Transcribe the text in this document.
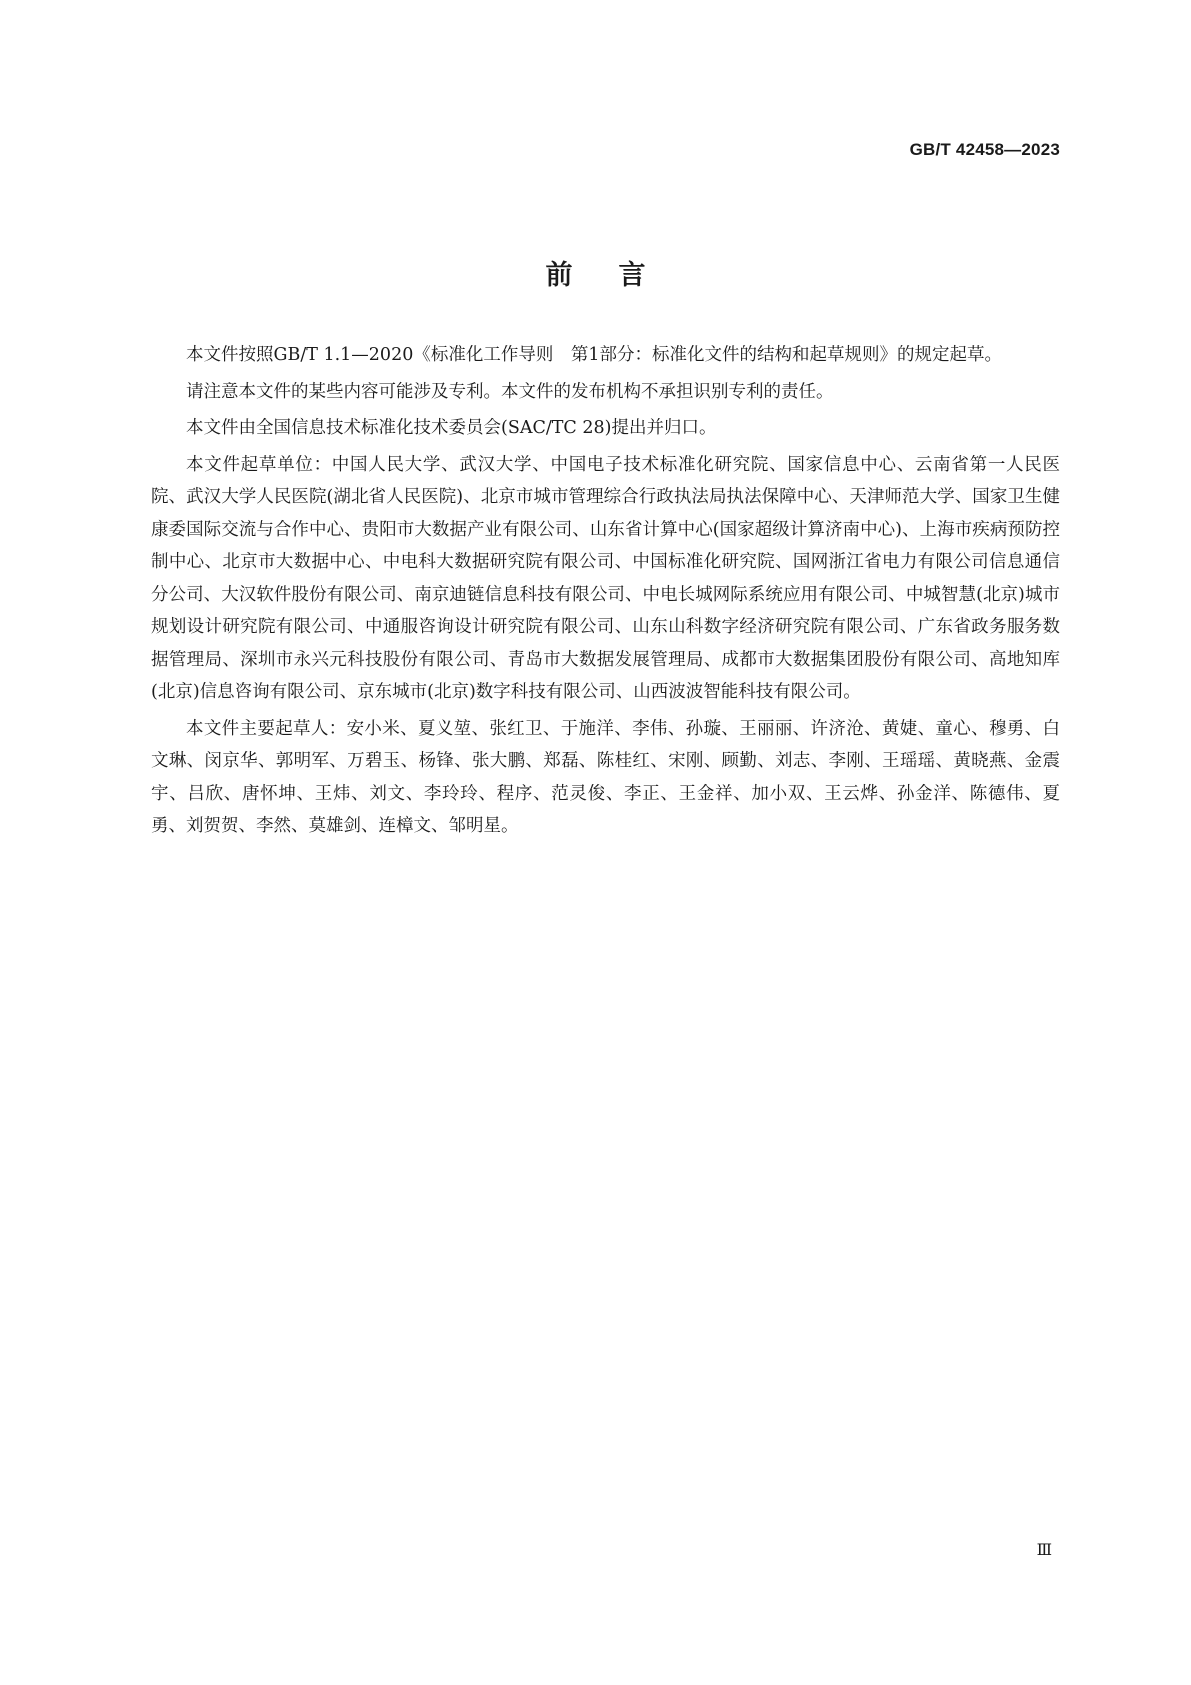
GB/T 42458—2023
前言

本文件按照GB/T 1.1—2020《标准化工作导则　第1部分：标准化文件的结构和起草规则》的规定起草。

请注意本文件的某些内容可能涉及专利。本文件的发布机构不承担识别专利的责任。

本文件由全国信息技术标准化技术委员会(SAC/TC 28)提出并归口。

本文件起草单位：中国人民大学、武汉大学、中国电子技术标准化研究院、国家信息中心、云南省第一人民医院、武汉大学人民医院(湖北省人民医院)、北京市城市管理综合行政执法局执法保障中心、天津师范大学、国家卫生健康委国际交流与合作中心、贵阳市大数据产业有限公司、山东省计算中心(国家超级计算济南中心)、上海市疾病预防控制中心、北京市大数据中心、中电科大数据研究院有限公司、中国标准化研究院、国网浙江省电力有限公司信息通信分公司、大汉软件股份有限公司、南京迪链信息科技有限公司、中电长城网际系统应用有限公司、中城智慧(北京)城市规划设计研究院有限公司、中通服咨询设计研究院有限公司、山东山科数字经济研究院有限公司、广东省政务服务数据管理局、深圳市永兴元科技股份有限公司、青岛市大数据发展管理局、成都市大数据集团股份有限公司、高地知库(北京)信息咨询有限公司、京东城市(北京)数字科技有限公司、山西波波智能科技有限公司。

本文件主要起草人：安小米、夏义堃、张红卫、于施洋、李伟、孙璇、王丽丽、许济沧、黄婕、童心、穆勇、白文琳、闵京华、郭明军、万碧玉、杨锋、张大鹏、郑磊、陈桂红、宋刚、顾勤、刘志、李刚、王瑶瑶、黄晓燕、金震宇、吕欣、唐怀坤、王炜、刘文、李玲玲、程序、范灵俊、李正、王金祥、加小双、王云烨、孙金洋、陈德伟、夏勇、刘贺贺、李然、莫雄剑、连樟文、邹明星。

Ⅲ
